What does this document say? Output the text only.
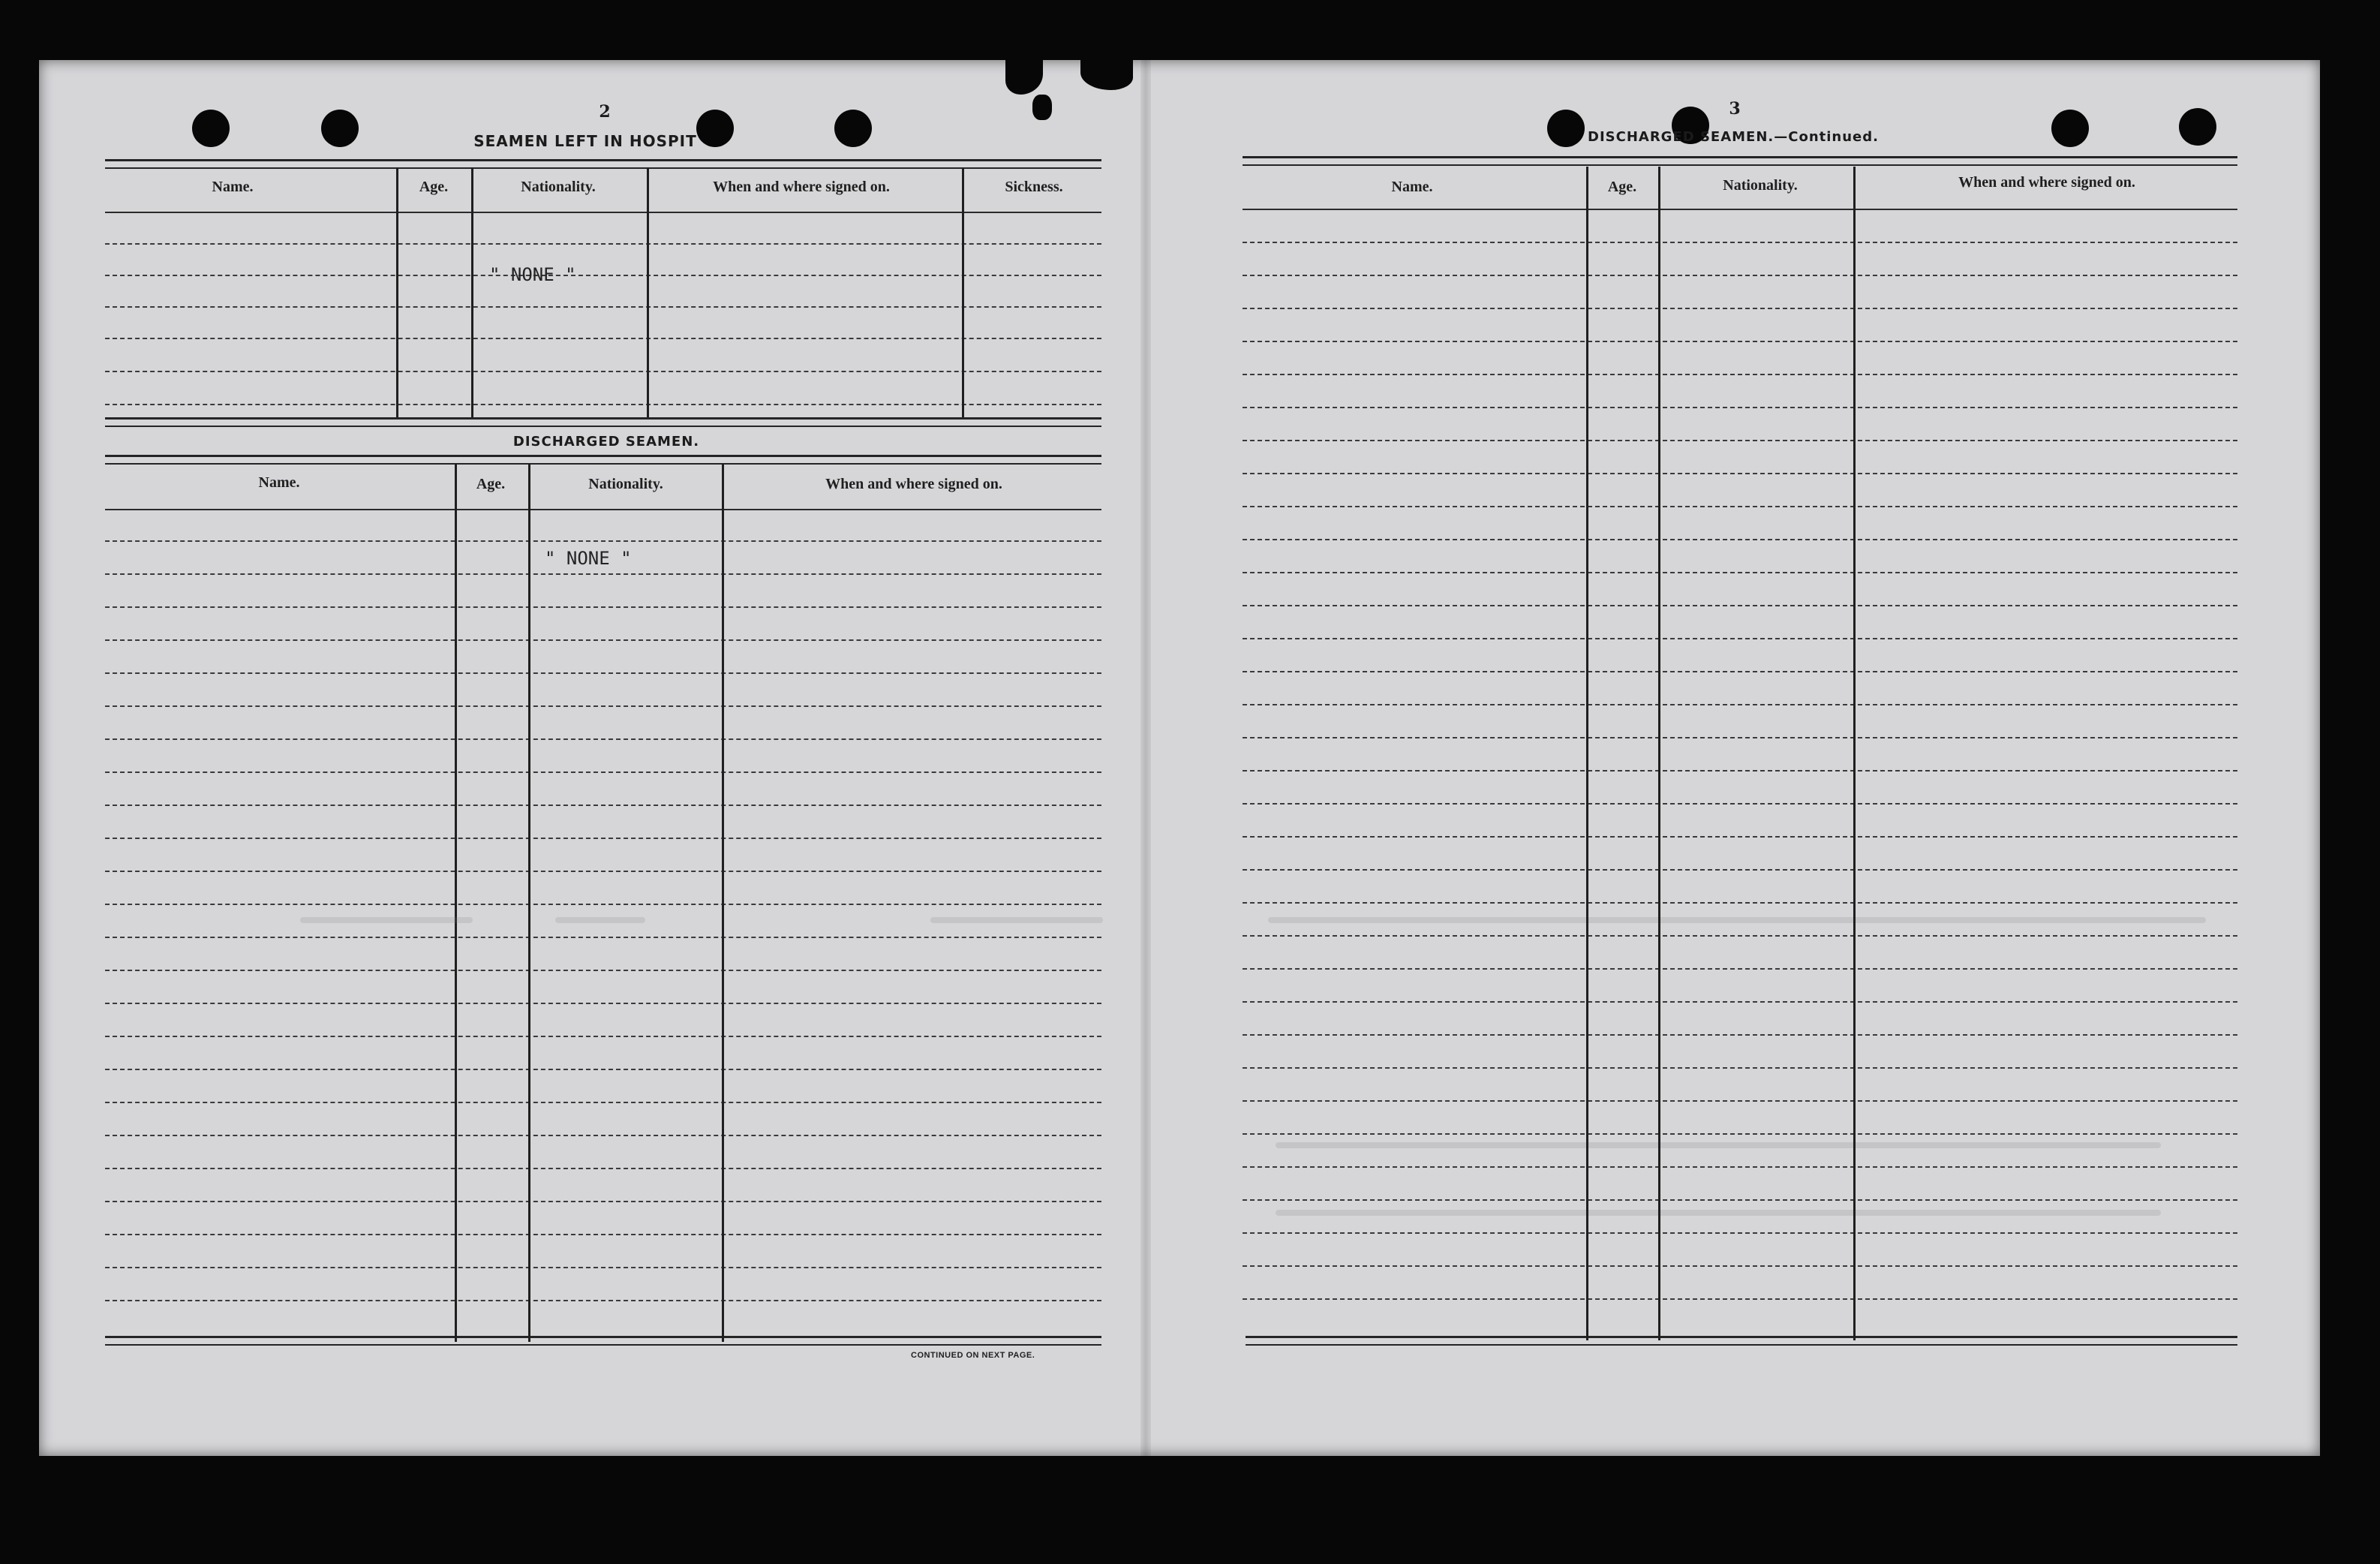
2
SEAMEN LEFT IN HOSPIT
Name.	Age.	Nationality.	When and where signed on.	Sickness.
" NONE "
DISCHARGED SEAMEN.
Name.	Age.	Nationality.	When and where signed on.
" NONE "
CONTINUED ON NEXT PAGE.
3
DISCHARGED SEAMEN.—Continued.
Name.	Age.	Nationality.	When and where signed on.
